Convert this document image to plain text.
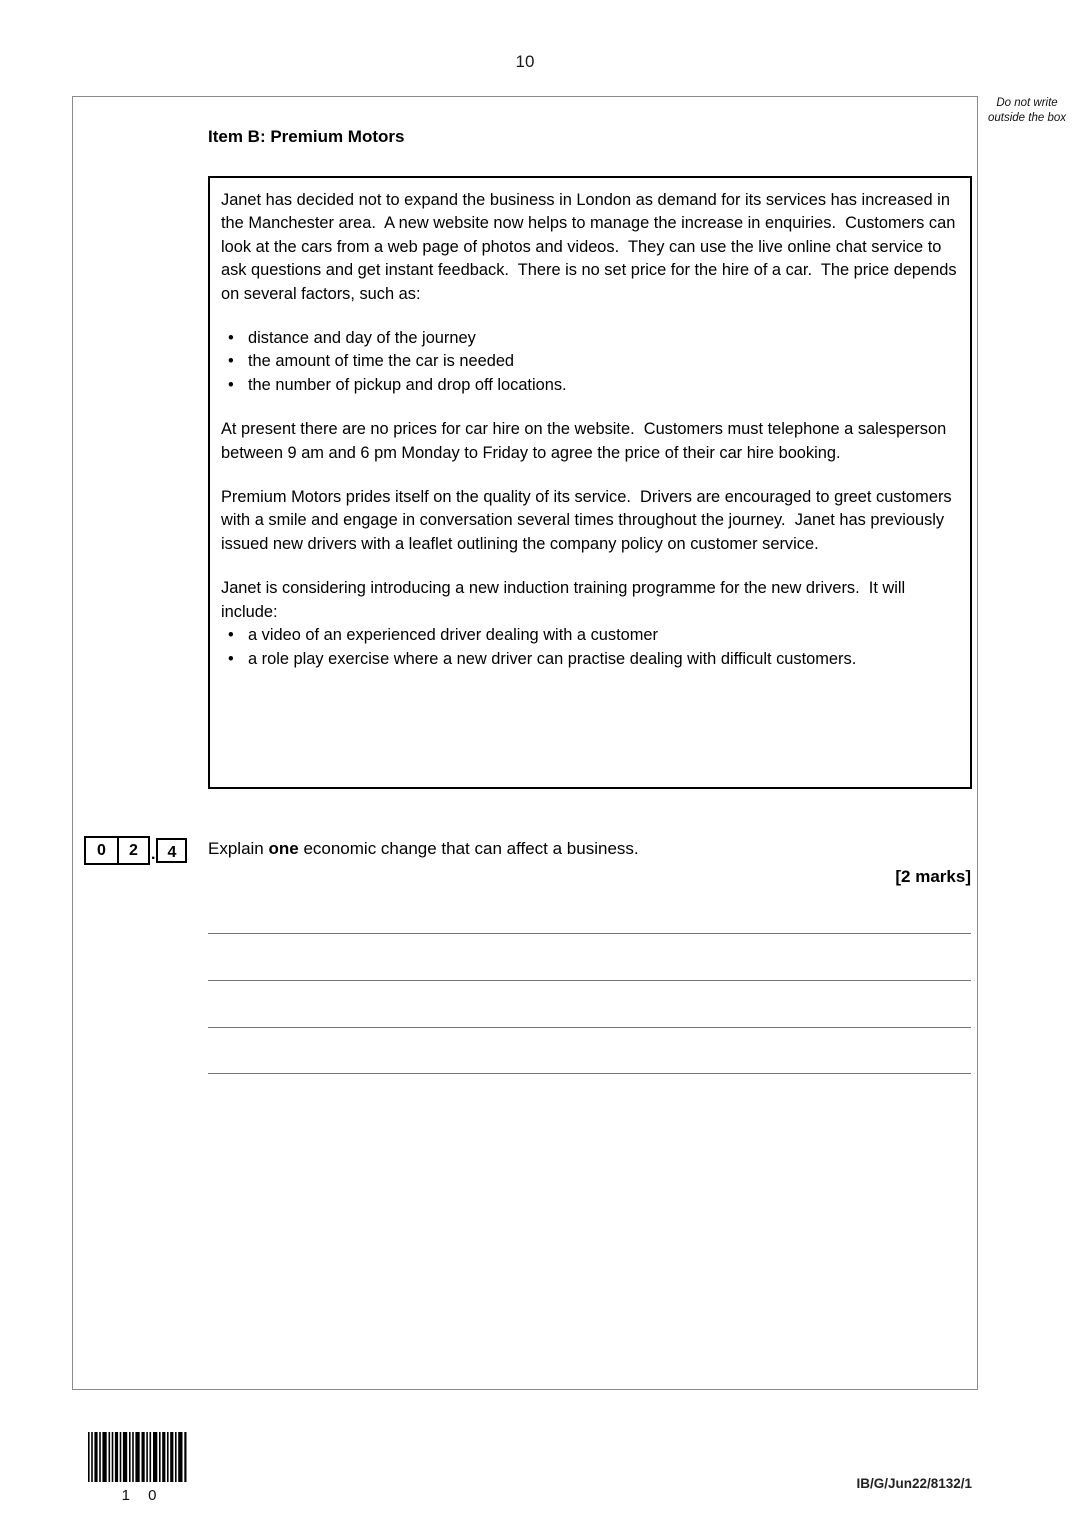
10
Do not write outside the box
Item B: Premium Motors
Janet has decided not to expand the business in London as demand for its services has increased in the Manchester area.  A new website now helps to manage the increase in enquiries.  Customers can look at the cars from a web page of photos and videos.  They can use the live online chat service to ask questions and get instant feedback.  There is no set price for the hire of a car.  The price depends on several factors, such as:
• distance and day of the journey
• the amount of time the car is needed
• the number of pickup and drop off locations.
At present there are no prices for car hire on the website.  Customers must telephone a salesperson between 9 am and 6 pm Monday to Friday to agree the price of their car hire booking.
Premium Motors prides itself on the quality of its service.  Drivers are encouraged to greet customers with a smile and engage in conversation several times throughout the journey.  Janet has previously issued new drivers with a leaflet outlining the company policy on customer service.
Janet is considering introducing a new induction training programme for the new drivers.  It will include:
• a video of an experienced driver dealing with a customer
• a role play exercise where a new driver can practise dealing with difficult customers.
0	2 . 4	Explain one economic change that can affect a business.
[2 marks]
1 0
IB/G/Jun22/8132/1
